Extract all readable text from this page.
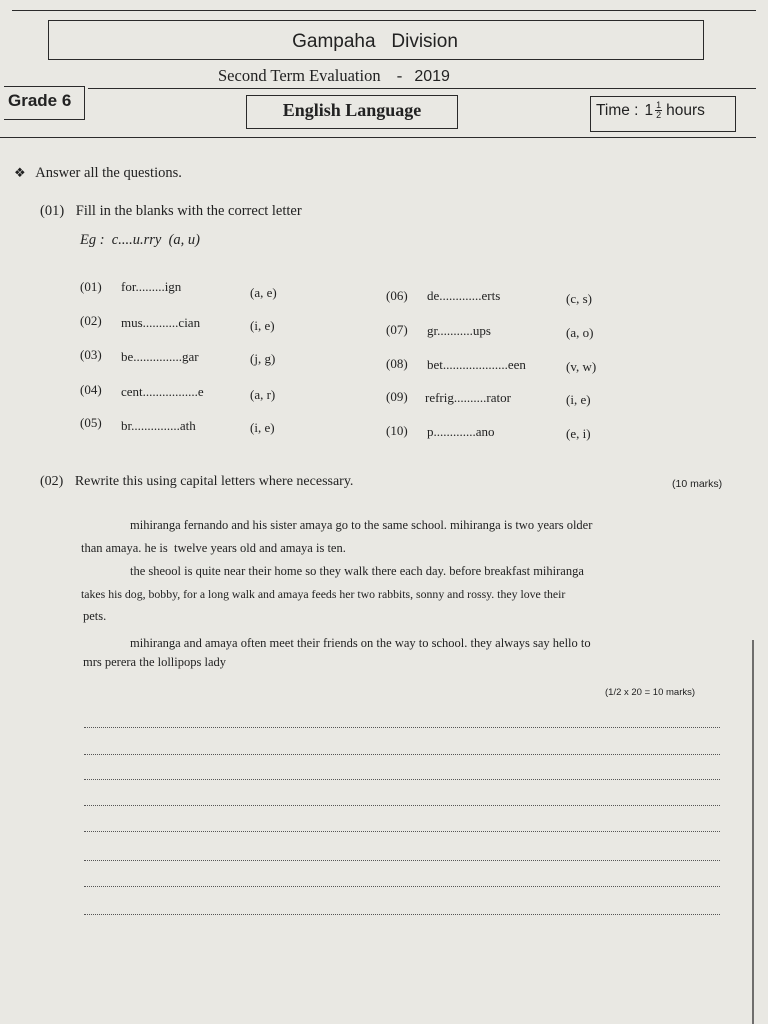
Gampaha   Division
Second Term Evaluation - 2019
Grade 6	English Language	Time : $1 \frac{1}{2}$ hours
❖ Answer all the questions.
(01) Fill in the blanks with the correct letter
Eg :  c....u.rry  (a, u)
(01) for.........ign	(a, e)
(02) mus...........cian	(i, e)
(03) be...............gar	(j, g)
(04) cent.................e	(a, r)
(05) br...............ath	(i, e)
(06) de.............erts	(c, s)
(07) gr...........ups	(a, o)
(08) bet....................een	(v, w)
(09) refrig..........rator	(i, e)
(10) p.............ano	(e, i)
(02) Rewrite this using capital letters where necessary.	(10 marks)
mihiranga fernando and his sister amaya go to the same school. mihiranga is two years older
than amaya. he is  twelve years old and amaya is ten.
the sheool is quite near their home so they walk there each day. before breakfast mihiranga
takes his dog, bobby, for a long walk and amaya feeds her two rabbits, sonny and rossy. they love their
pets.
mihiranga and amaya often meet their friends on the way to school. they always say hello to
mrs perera the lollipops lady
(1/2 x 20 = 10 marks)
